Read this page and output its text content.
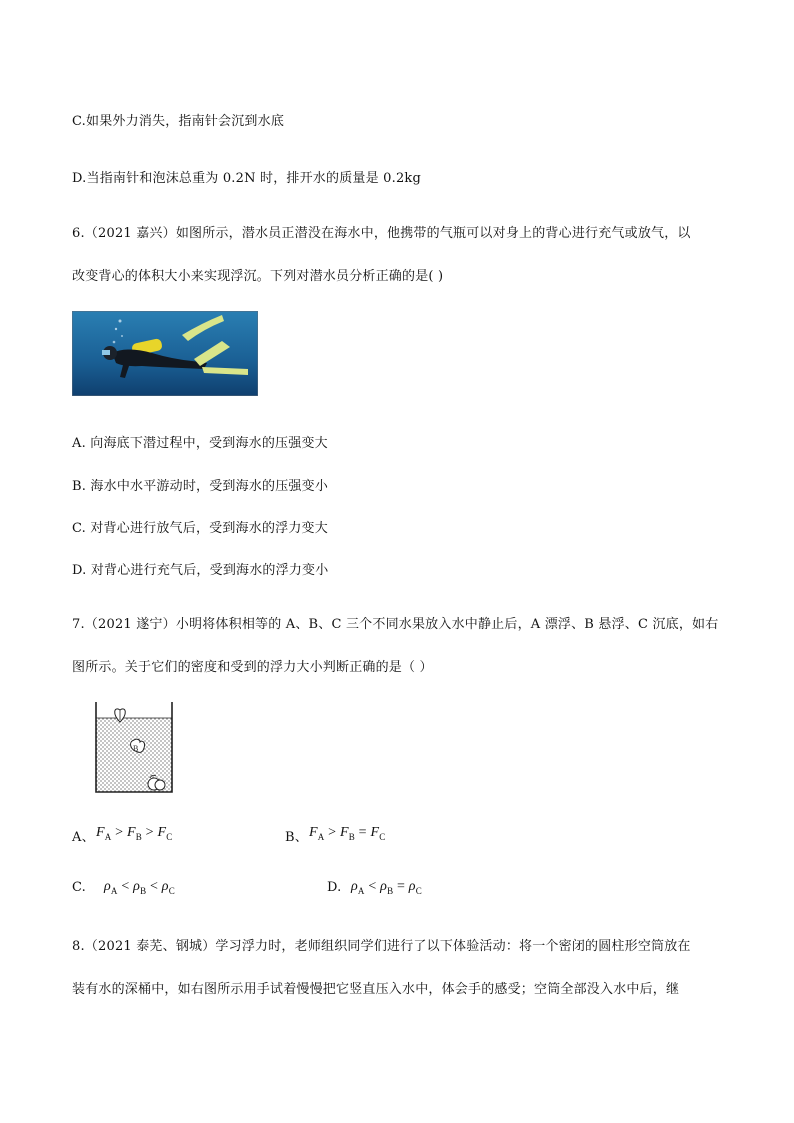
C.如果外力消失，指南针会沉到水底
D.当指南针和泡沫总重为 0.2N 时，排开水的质量是 0.2kg
6.（2021 嘉兴）如图所示，潜水员正潜没在海水中，他携带的气瓶可以对身上的背心进行充气或放气，以
改变背心的体积大小来实现浮沉。下列对潜水员分析正确的是( )
A. 向海底下潜过程中，受到海水的压强变大
B. 海水中水平游动时，受到海水的压强变小
C. 对背心进行放气后，受到海水的浮力变大
D. 对背心进行充气后，受到海水的浮力变小
7.（2021 遂宁）小明将体积相等的 A、B、C 三个不同水果放入水中静止后，A 漂浮、B 悬浮、C 沉底，如右
图所示。关于它们的密度和受到的浮力大小判断正确的是（ ）
B
A、 $F_A > F_B > F_C$	B、 $F_A > F_B = F_C$
C. $\rho_A < \rho_B < \rho_C$	D. $\rho_A < \rho_B = \rho_C$
8.（2021 泰芜、钢城）学习浮力时，老师组织同学们进行了以下体验活动：将一个密闭的圆柱形空筒放在
装有水的深桶中，如右图所示用手试着慢慢把它竖直压入水中，体会手的感受；空筒全部没入水中后，继
